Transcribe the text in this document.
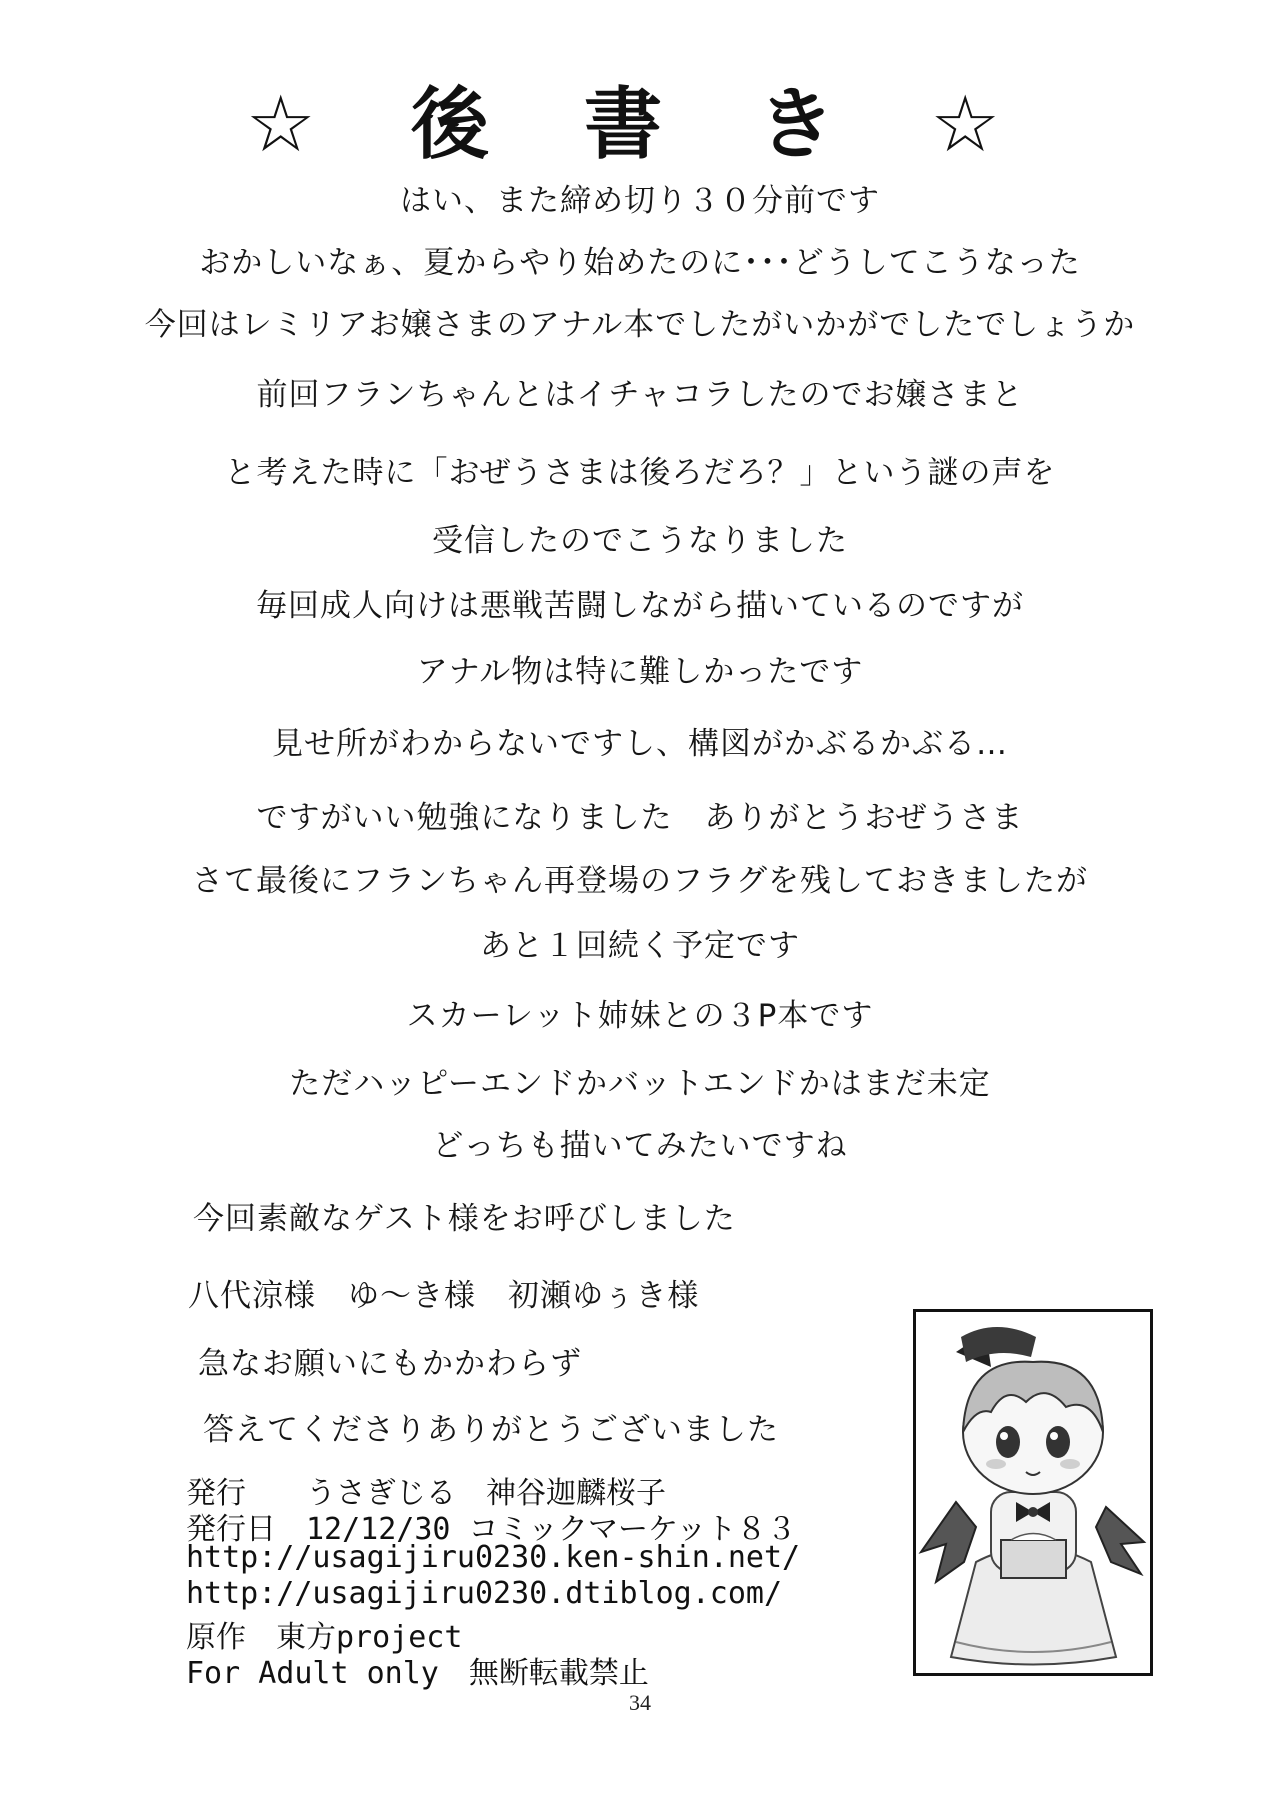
☆ 後 書 き ☆
はい、また締め切り３０分前です
おかしいなぁ、夏からやり始めたのに･･･どうしてこうなった
今回はレミリアお嬢さまのアナル本でしたがいかがでしたでしょうか
前回フランちゃんとはイチャコラしたのでお嬢さまと
と考えた時に「おぜうさまは後ろだろ？」という謎の声を
受信したのでこうなりました
毎回成人向けは悪戦苦闘しながら描いているのですが
アナル物は特に難しかったです
見せ所がわからないですし、構図がかぶるかぶる…
ですがいい勉強になりました　ありがとうおぜうさま
さて最後にフランちゃん再登場のフラグを残しておきましたが
あと１回続く予定です
スカーレット姉妹との３P本です
ただハッピーエンドかバットエンドかはまだ未定
どっちも描いてみたいですね
今回素敵なゲスト様をお呼びしました
八代涼様　ゆ～き様　初瀬ゆぅき様
急なお願いにもかかわらず
答えてくださりありがとうございました
発行　　うさぎじる　神谷迦麟桜子
発行日　12/12/30 コミックマーケット８３
http://usagijiru0230.ken-shin.net/
http://usagijiru0230.dtiblog.com/
原作　東方project
For Adult only　無断転載禁止
34
